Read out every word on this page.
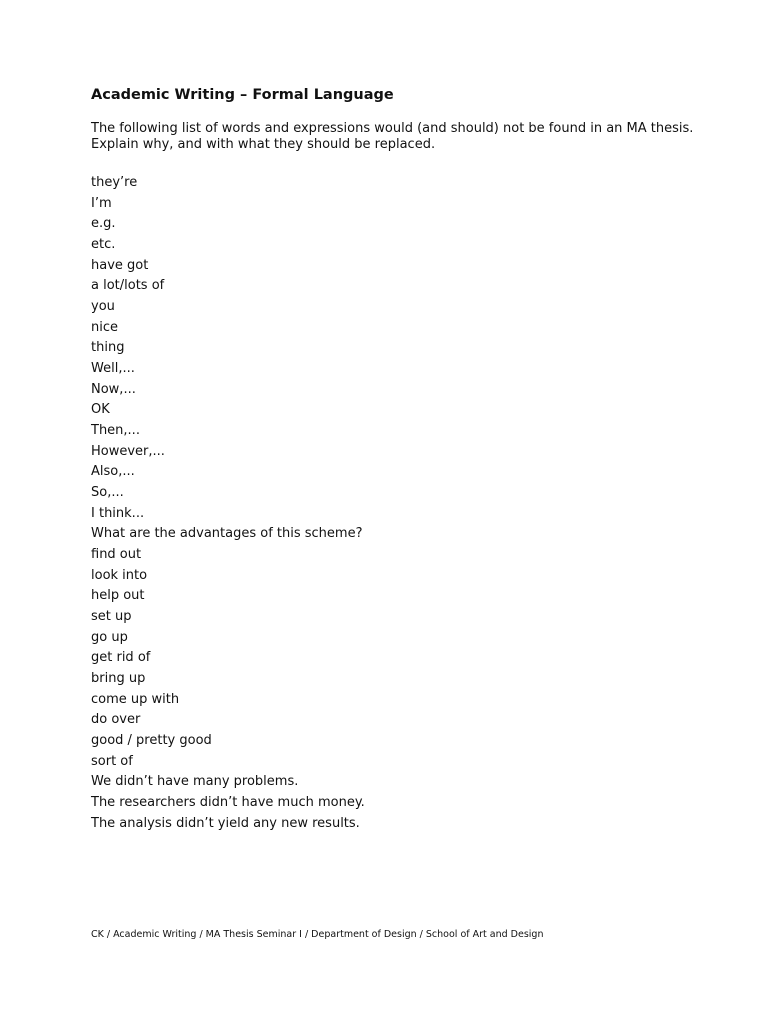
Academic Writing – Formal Language

The following list of words and expressions would (and should) not be found in an MA thesis.
Explain why, and with what they should be replaced.

they’re
I’m
e.g.
etc.
have got
a lot/lots of
you
nice
thing
Well,...
Now,...
OK
Then,...
However,...
Also,...
So,...
I think...
What are the advantages of this scheme?
find out
look into
help out
set up
go up
get rid of
bring up
come up with
do over
good / pretty good
sort of
We didn’t have many problems.
The researchers didn’t have much money.
The analysis didn’t yield any new results.

CK / Academic Writing / MA Thesis Seminar I / Department of Design / School of Art and Design
